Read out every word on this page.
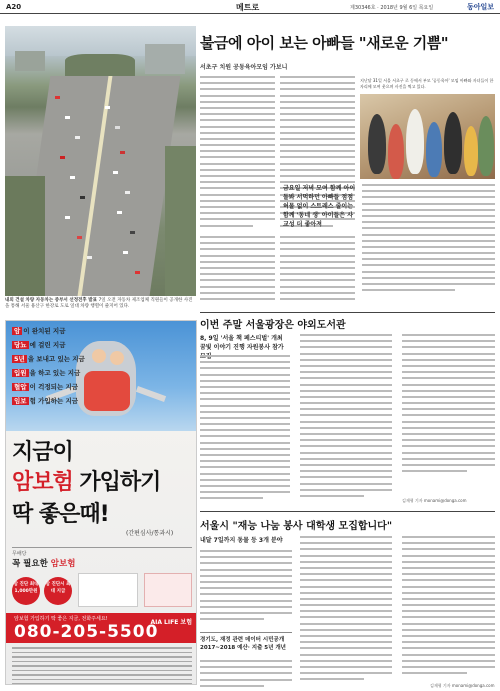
A20	메트로	제30346호 · 2018년 9월 6일 목요일	동아일보
내외 건설 차량 자동차는 중부서 선정전후 발표 7일 오전 자동차 제조업체 직원들이 공개한 사진을 통해 서울 용산구 한강로 도로 일대 차량 행렬이 줄지어 있다.
불금에 아이 보는 아빠들 "새로운 기쁨"
서초구 치원 공동육아모임 가보니
지난달 31일 서울 서초구 로 동에서 부모 '공동육아' 모임 아빠와 자녀들이 한자리에 모여 웃으며 사진을 찍고 있다.
금요일 저녁 모여 함께 아이 돌봐 서먹하던 아빠들 점점 허물 없이 스트레스 줄이는 함께 '동네 생' 아이들은 사교성 더 좋아져
암 이 완치된 지금
당뇨 에 걸린 지금
5년 을 보내고 있는 지금
입원 을 하고 있는 지금
혈압 이 걱정되는 지금
임보 험 가입하는 지금
지금이
암보험 가입하기
딱 좋은때!
(간편심사/통과시)
무배당
꼭 필요한 암보험
암 진단 최대 1,000만원
암 진단시 최대 지급
암보험 가입하기 딱 좋은 지금, 전화주세요!
080-205-5500
AIA LIFE 보험
이번 주말 서울광장은 야외도서관
8, 9일 '서울 책 페스티벌' 개최 꿈빛 이야기 진행 자원봉사 참가
김재형 기자 monami@donga.com
서울시 "재능 나눔 봉사 대학생 모집합니다"
내달 7일까지 동물 등 3개 분야
경기도, 재정 관련 데이터 시민공개 2017~2018 예산· 지출 5년 개년
김재형 기자 monami@donga.com
